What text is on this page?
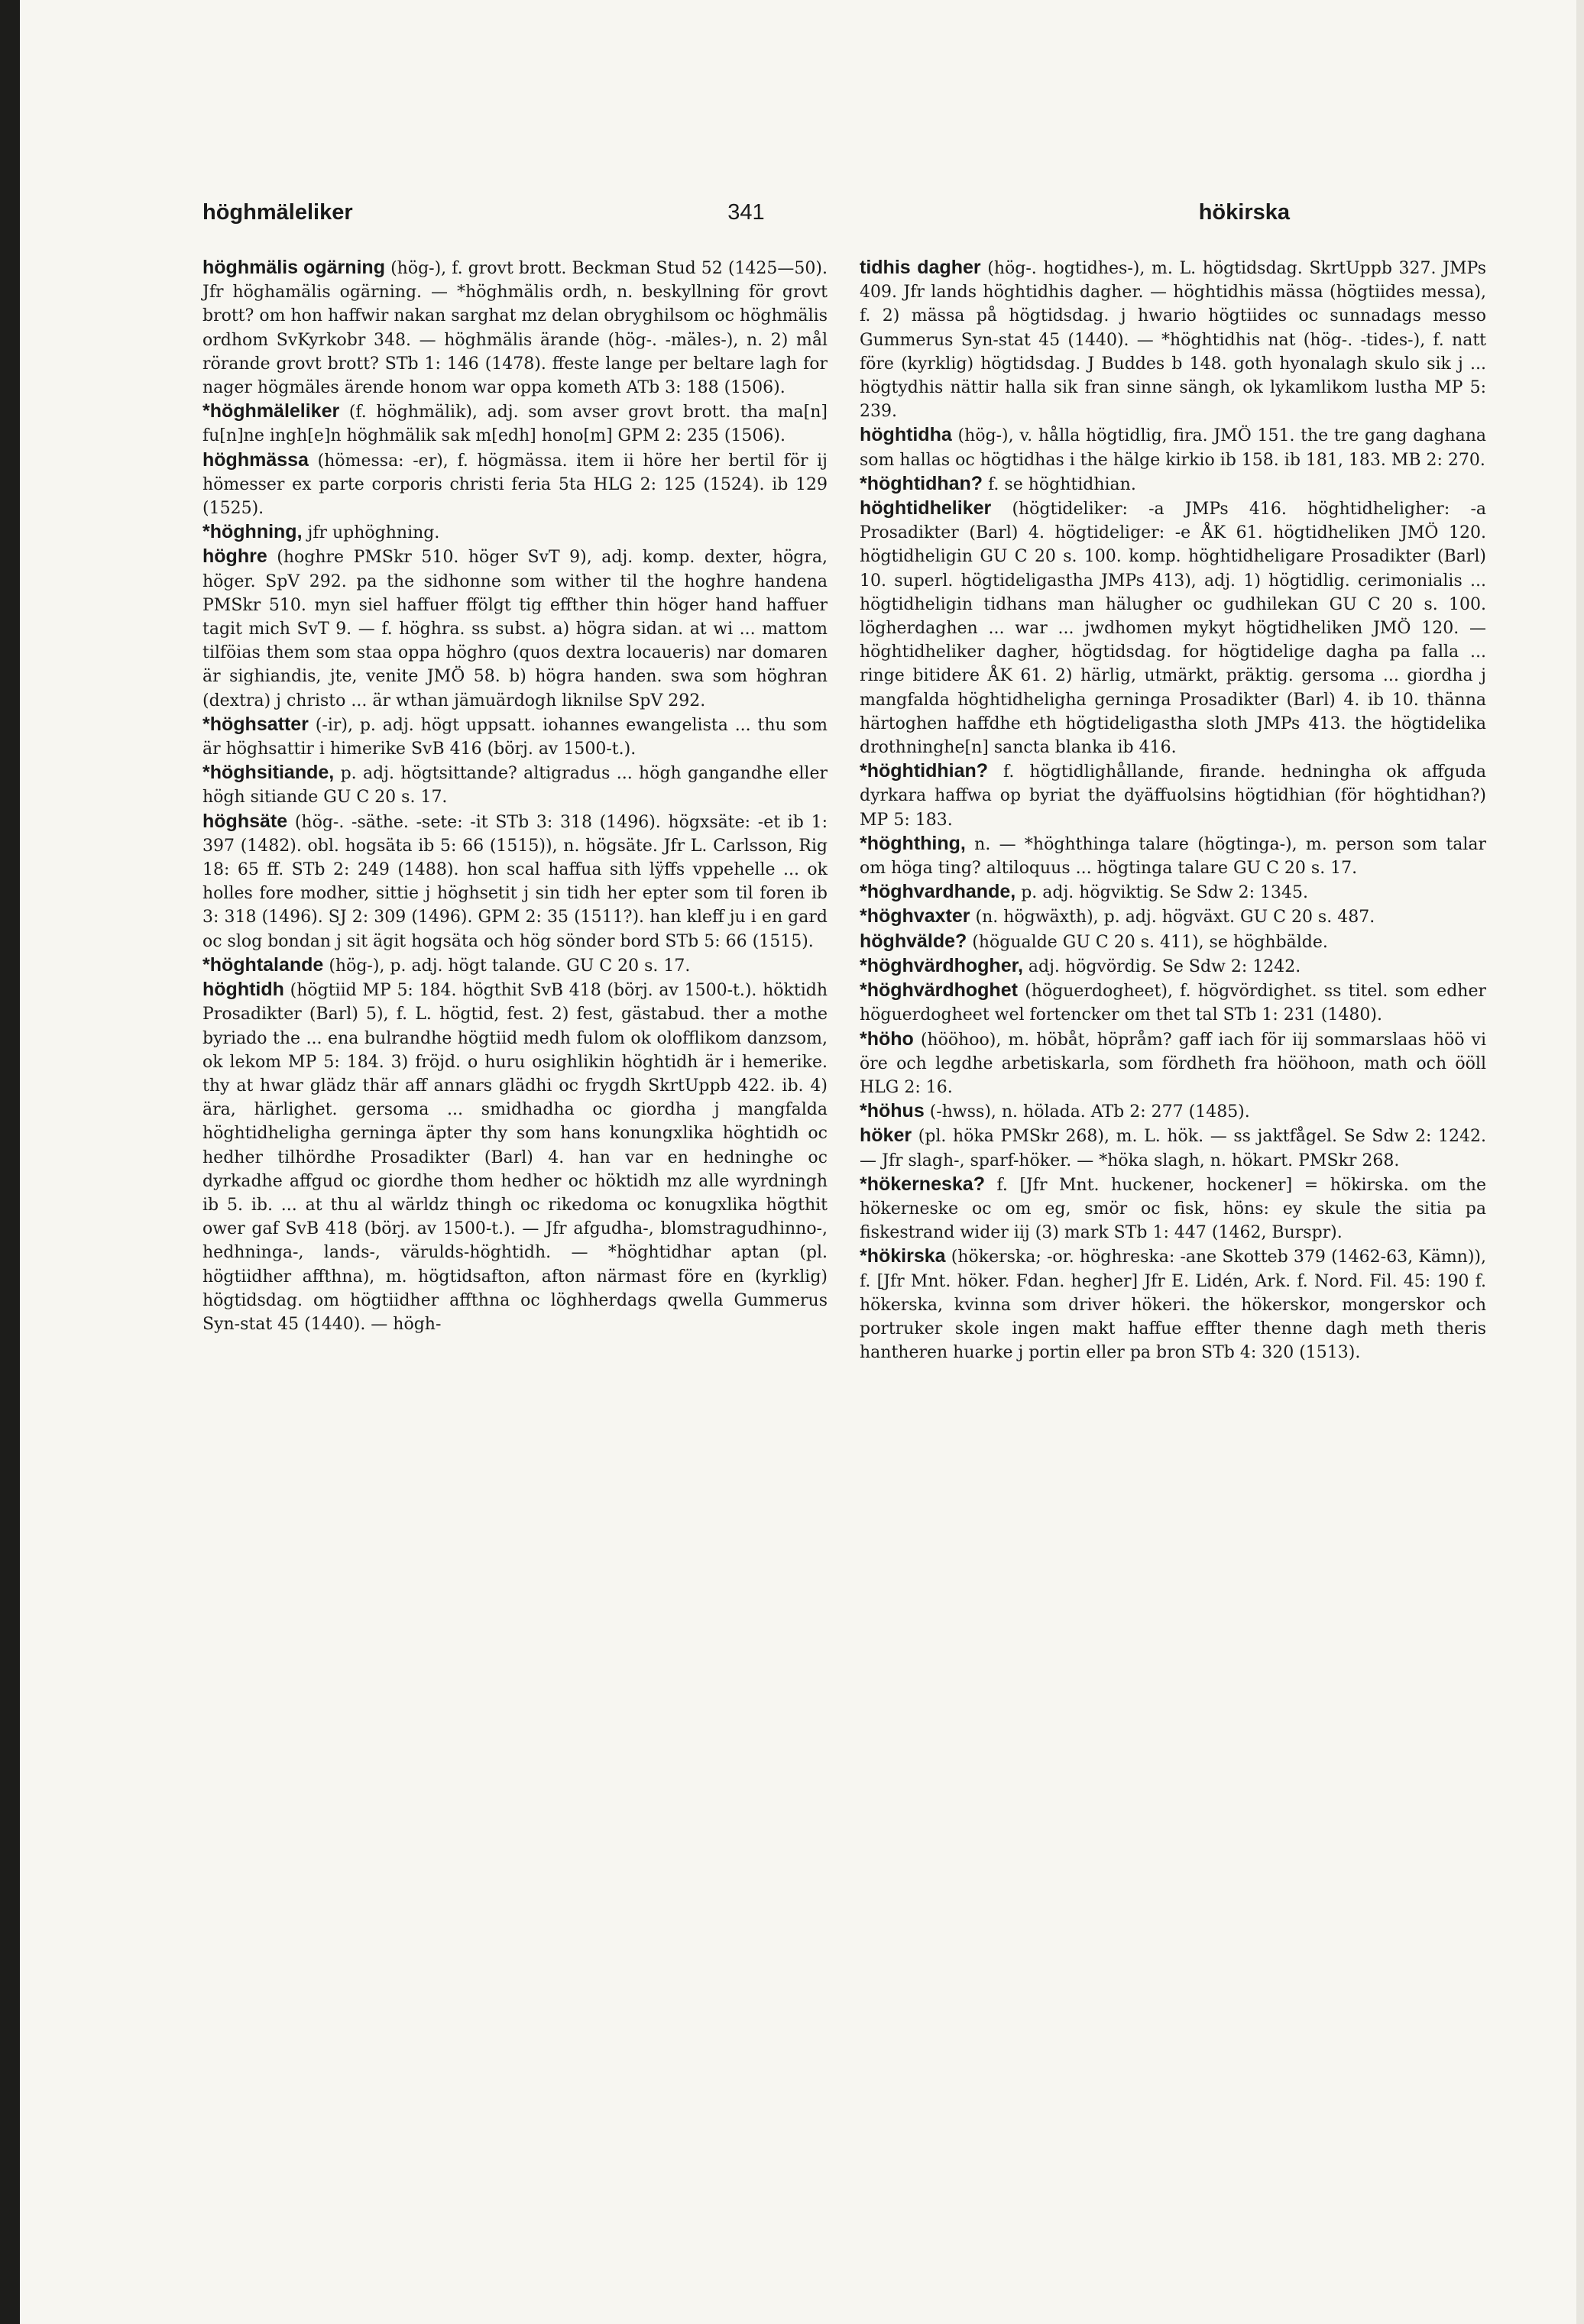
höghmäleliker	341	hökirska

höghmälis ogärning (hög-), f. grovt brott. Beckman Stud 52 (1425—50). Jfr höghamälis ogärning. — *höghmälis ordh, n. beskyllning för grovt brott? om hon haffwir nakan sarghat mz delan obryghilsom oc höghmälis ordhom SvKyrkobr 348. — höghmälis ärande (hög-. -mäles-), n. 2) mål rörande grovt brott? STb 1: 146 (1478). ffeste lange per beltare lagh for nager högmäles ärende honom war oppa kometh ATb 3: 188 (1506).

*höghmäleliker (f. höghmälik), adj. som avser grovt brott. tha ma[n] fu[n]ne ingh[e]n höghmälik sak m[edh] hono[m] GPM 2: 235 (1506).

höghmässa (hömessa: -er), f. högmässa. item ii höre her bertil för ij hömesser ex parte corporis christi feria 5ta HLG 2: 125 (1524). ib 129 (1525).

*höghning, jfr uphöghning.

höghre (hoghre PMSkr 510. höger SvT 9), adj. komp. dexter, högra, höger. SpV 292. pa the sidhonne som wither til the hoghre handena PMSkr 510. myn siel haffuer ffölgt tig effther thin höger hand haffuer tagit mich SvT 9. — f. höghra. ss subst. a) högra sidan. at wi ... mattom tilföias them som staa oppa höghro (quos dextra locaueris) nar domaren är sighiandis, jte, venite JMÖ 58. b) högra handen. swa som höghran (dextra) j christo ... är wthan jämuärdogh liknilse SpV 292.

*höghsatter (-ir), p. adj. högt uppsatt. iohannes ewangelista ... thu som är höghsattir i himerike SvB 416 (börj. av 1500-t.).

*höghsitiande, p. adj. högtsittande? altigradus ... högh gangandhe eller högh sitiande GU C 20 s. 17.

höghsäte (hög-. -säthe. -sete: -it STb 3: 318 (1496). högxsäte: -et ib 1: 397 (1482). obl. hogsäta ib 5: 66 (1515)), n. högsäte. Jfr L. Carlsson, Rig 18: 65 ff. STb 2: 249 (1488). hon scal haffua sith lÿffs vppehelle ... ok holles fore modher, sittie j höghsetit j sin tidh her epter som til foren ib 3: 318 (1496). SJ 2: 309 (1496). GPM 2: 35 (1511?). han kleff ju i en gard oc slog bondan j sit ägit hogsäta och hög sönder bord STb 5: 66 (1515).

*höghtalande (hög-), p. adj. högt talande. GU C 20 s. 17.

höghtidh (högtiid MP 5: 184. högthit SvB 418 (börj. av 1500-t.). höktidh Prosadikter (Barl) 5), f. L. högtid, fest. 2) fest, gästabud. ther a mothe byriado the ... ena bulrandhe högtiid medh fulom ok olofflikom danzsom, ok lekom MP 5: 184. 3) fröjd. o huru osighlikin höghtidh är i hemerike. thy at hwar glädz thär aff annars glädhi oc frygdh SkrtUppb 422. ib. 4) ära, härlighet. gersoma ... smidhadha oc giordha j mangfalda höghtidheligha gerninga äpter thy som hans konungxlika höghtidh oc hedher tilhördhe Prosadikter (Barl) 4. han var en hedninghe oc dyrkadhe affgud oc giordhe thom hedher oc höktidh mz alle wyrdningh ib 5. ib. ... at thu al wärldz thingh oc rikedoma oc konugxlika högthit ower gaf SvB 418 (börj. av 1500-t.). — Jfr afgudha-, blomstragudhinno-, hedhninga-, lands-, värulds-höghtidh. — *höghtidhar aptan (pl. högtiidher affthna), m. högtidsafton, afton närmast före en (kyrklig) högtidsdag. om högtiidher affthna oc löghherdags qwella Gummerus Syn-stat 45 (1440). — högh-

tidhis dagher (hög-. hogtidhes-), m. L. högtidsdag. SkrtUppb 327. JMPs 409. Jfr lands höghtidhis dagher. — höghtidhis mässa (högtiides messa), f. 2) mässa på högtidsdag. j hwario högtiides oc sunnadags messo Gummerus Syn-stat 45 (1440). — *höghtidhis nat (hög-. -tides-), f. natt före (kyrklig) högtidsdag. J Buddes b 148. goth hyonalagh skulo sik j ... högtydhis nättir halla sik fran sinne sängh, ok lykamlikom lustha MP 5: 239.

höghtidha (hög-), v. hålla högtidlig, fira. JMÖ 151. the tre gang daghana som hallas oc högtidhas i the hälge kirkio ib 158. ib 181, 183. MB 2: 270.

*höghtidhan? f. se höghtidhian.

höghtidheliker (högtideliker: -a JMPs 416. höghtidheligher: -a Prosadikter (Barl) 4. högtideliger: -e ÅK 61. högtidheliken JMÖ 120. högtidheligin GU C 20 s. 100. komp. höghtidheligare Prosadikter (Barl) 10. superl. högtideligastha JMPs 413), adj. 1) högtidlig. cerimonialis ... högtidheligin tidhans man hälugher oc gudhilekan GU C 20 s. 100. lögherdaghen ... war ... jwdhomen mykyt högtidheliken JMÖ 120. — höghtidheliker dagher, högtidsdag. for högtidelige dagha pa falla ... ringe bitidere ÅK 61. 2) härlig, utmärkt, präktig. gersoma ... giordha j mangfalda höghtidheligha gerninga Prosadikter (Barl) 4. ib 10. thänna härtoghen haffdhe eth högtideligastha sloth JMPs 413. the högtidelika drothninghe[n] sancta blanka ib 416.

*höghtidhian? f. högtidlighållande, firande. hedningha ok affguda dyrkara haffwa op byriat the dyäffuolsins högtidhian (för höghtidhan?) MP 5: 183.

*höghthing, n. — *höghthinga talare (högtinga-), m. person som talar om höga ting? altiloquus ... högtinga talare GU C 20 s. 17.

*höghvardhande, p. adj. högviktig. Se Sdw 2: 1345.

*höghvaxter (n. högwäxth), p. adj. högväxt. GU C 20 s. 487.

höghvälde? (högualde GU C 20 s. 411), se höghbälde.

*höghvärdhogher, adj. högvördig. Se Sdw 2: 1242.

*höghvärdhoghet (höguerdogheet), f. högvördighet. ss titel. som edher höguerdogheet wel fortencker om thet tal STb 1: 231 (1480).

*höho (hööhoo), m. höbåt, höpråm? gaff iach för iij sommarslaas höö vi öre och legdhe arbetiskarla, som fördheth fra hööhoon, math och ööll HLG 2: 16.

*höhus (-hwss), n. hölada. ATb 2: 277 (1485).

höker (pl. höka PMSkr 268), m. L. hök. — ss jaktfågel. Se Sdw 2: 1242. — Jfr slagh-, sparf-höker. — *höka slagh, n. hökart. PMSkr 268.

*hökerneska? f. [Jfr Mnt. huckener, hockener] = hökirska. om the hökerneske oc om eg, smör oc fisk, höns: ey skule the sitia pa fiskestrand wider iij (3) mark STb 1: 447 (1462, Burspr).

*hökirska (hökerska; -or. höghreska: -ane Skotteb 379 (1462-63, Kämn)), f. [Jfr Mnt. höker. Fdan. hegher] Jfr E. Lidén, Ark. f. Nord. Fil. 45: 190 f. hökerska, kvinna som driver hökeri. the hökerskor, mongerskor och portruker skole ingen makt haffue effter thenne dagh meth theris hantheren huarke j portin eller pa bron STb 4: 320 (1513).
